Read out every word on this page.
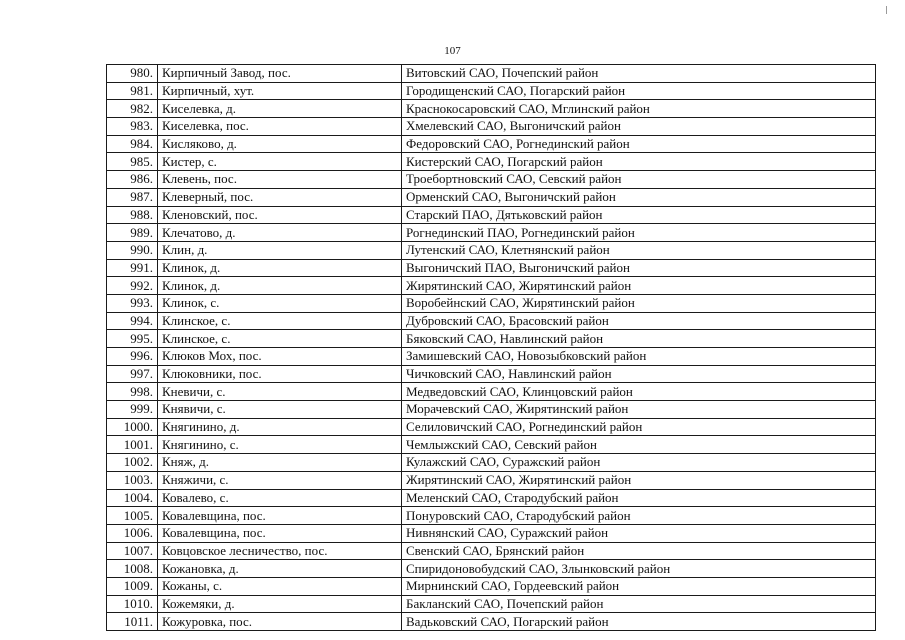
107
980.	Кирпичный Завод, пос.	Витовский САО, Почепский район
981.	Кирпичный, хут.	Городищенский САО, Погарский район
982.	Киселевка, д.	Краснокосаровский САО, Мглинский район
983.	Киселевка, пос.	Хмелевский САО, Выгоничский район
984.	Кисляково, д.	Федоровский САО, Рогнединский район
985.	Кистер, с.	Кистерский САО, Погарский район
986.	Клевень, пос.	Троебортновский САО, Севский район
987.	Клеверный, пос.	Орменский САО, Выгоничский район
988.	Кленовский, пос.	Старский ПАО, Дятьковский район
989.	Клечатово, д.	Рогнединский ПАО, Рогнединский район
990.	Клин, д.	Лутенский САО, Клетнянский район
991.	Клинок, д.	Выгоничский ПАО, Выгоничский район
992.	Клинок, д.	Жирятинский САО, Жирятинский район
993.	Клинок, с.	Воробейнский САО, Жирятинский район
994.	Клинское, с.	Дубровский САО, Брасовский район
995.	Клинское, с.	Бяковский САО, Навлинский район
996.	Клюков Мох, пос.	Замишевский САО, Новозыбковский район
997.	Клюковники, пос.	Чичковский САО, Навлинский район
998.	Кневичи, с.	Медведовский САО, Клинцовский район
999.	Княвичи, с.	Морачевский САО, Жирятинский район
1000.	Княгинино, д.	Селиловичский САО, Рогнединский район
1001.	Княгинино, с.	Чемлыжский САО, Севский район
1002.	Княж, д.	Кулажский САО, Суражский район
1003.	Княжичи, с.	Жирятинский САО, Жирятинский район
1004.	Ковалево, с.	Меленский САО, Стародубский район
1005.	Ковалевщина, пос.	Понуровский САО, Стародубский район
1006.	Ковалевщина, пос.	Нивнянский САО, Суражский район
1007.	Ковцовское лесничество, пос.	Свенский САО, Брянский район
1008.	Кожановка, д.	Спиридоновобудский САО, Злынковский район
1009.	Кожаны, с.	Мирнинский САО, Гордеевский район
1010.	Кожемяки, д.	Бакланский САО, Почепский район
1011.	Кожуровка, пос.	Вадьковский САО, Погарский район
